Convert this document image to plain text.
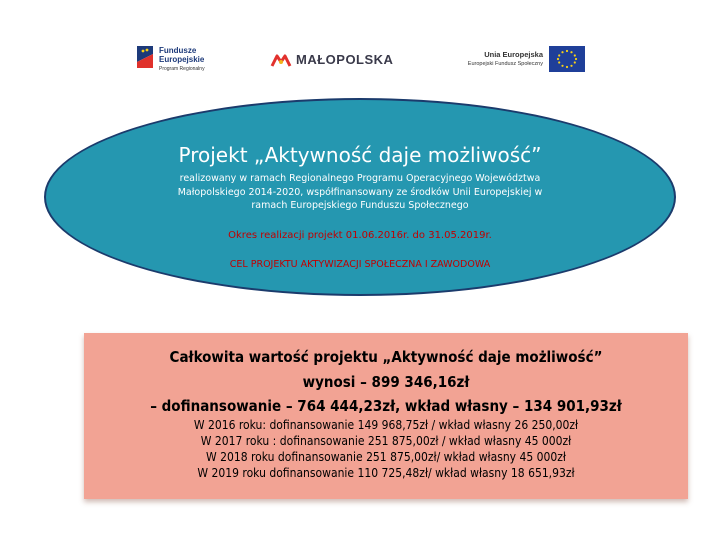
Fundusze
Europejskie
Program Regionalny
MAŁOPOLSKA	Unia Europejska
Europejski Fundusz Społeczny
Projekt „Aktywność daje możliwość”
realizowany w ramach Regionalnego Programu Operacyjnego Województwa Małopolskiego 2014-2020, współfinansowany ze środków Unii Europejskiej w ramach Europejskiego Funduszu Społecznego
Okres realizacji projekt 01.06.2016r. do 31.05.2019r.
CEL PROJEKTU AKTYWIZACJI SPOŁECZNA I ZAWODOWA
Całkowita wartość projektu „Aktywność daje możliwość”
wynosi – 899 346,16zł
– dofinansowanie – 764 444,23zł, wkład własny – 134 901,93zł
W 2016 roku: dofinansowanie 149 968,75zł / wkład własny 26 250,00zł
W 2017 roku : dofinansowanie 251 875,00zł / wkład własny 45 000zł
W 2018 roku dofinansowanie 251 875,00zł/ wkład własny 45 000zł
W 2019 roku dofinansowanie 110 725,48zł/ wkład własny 18 651,93zł
